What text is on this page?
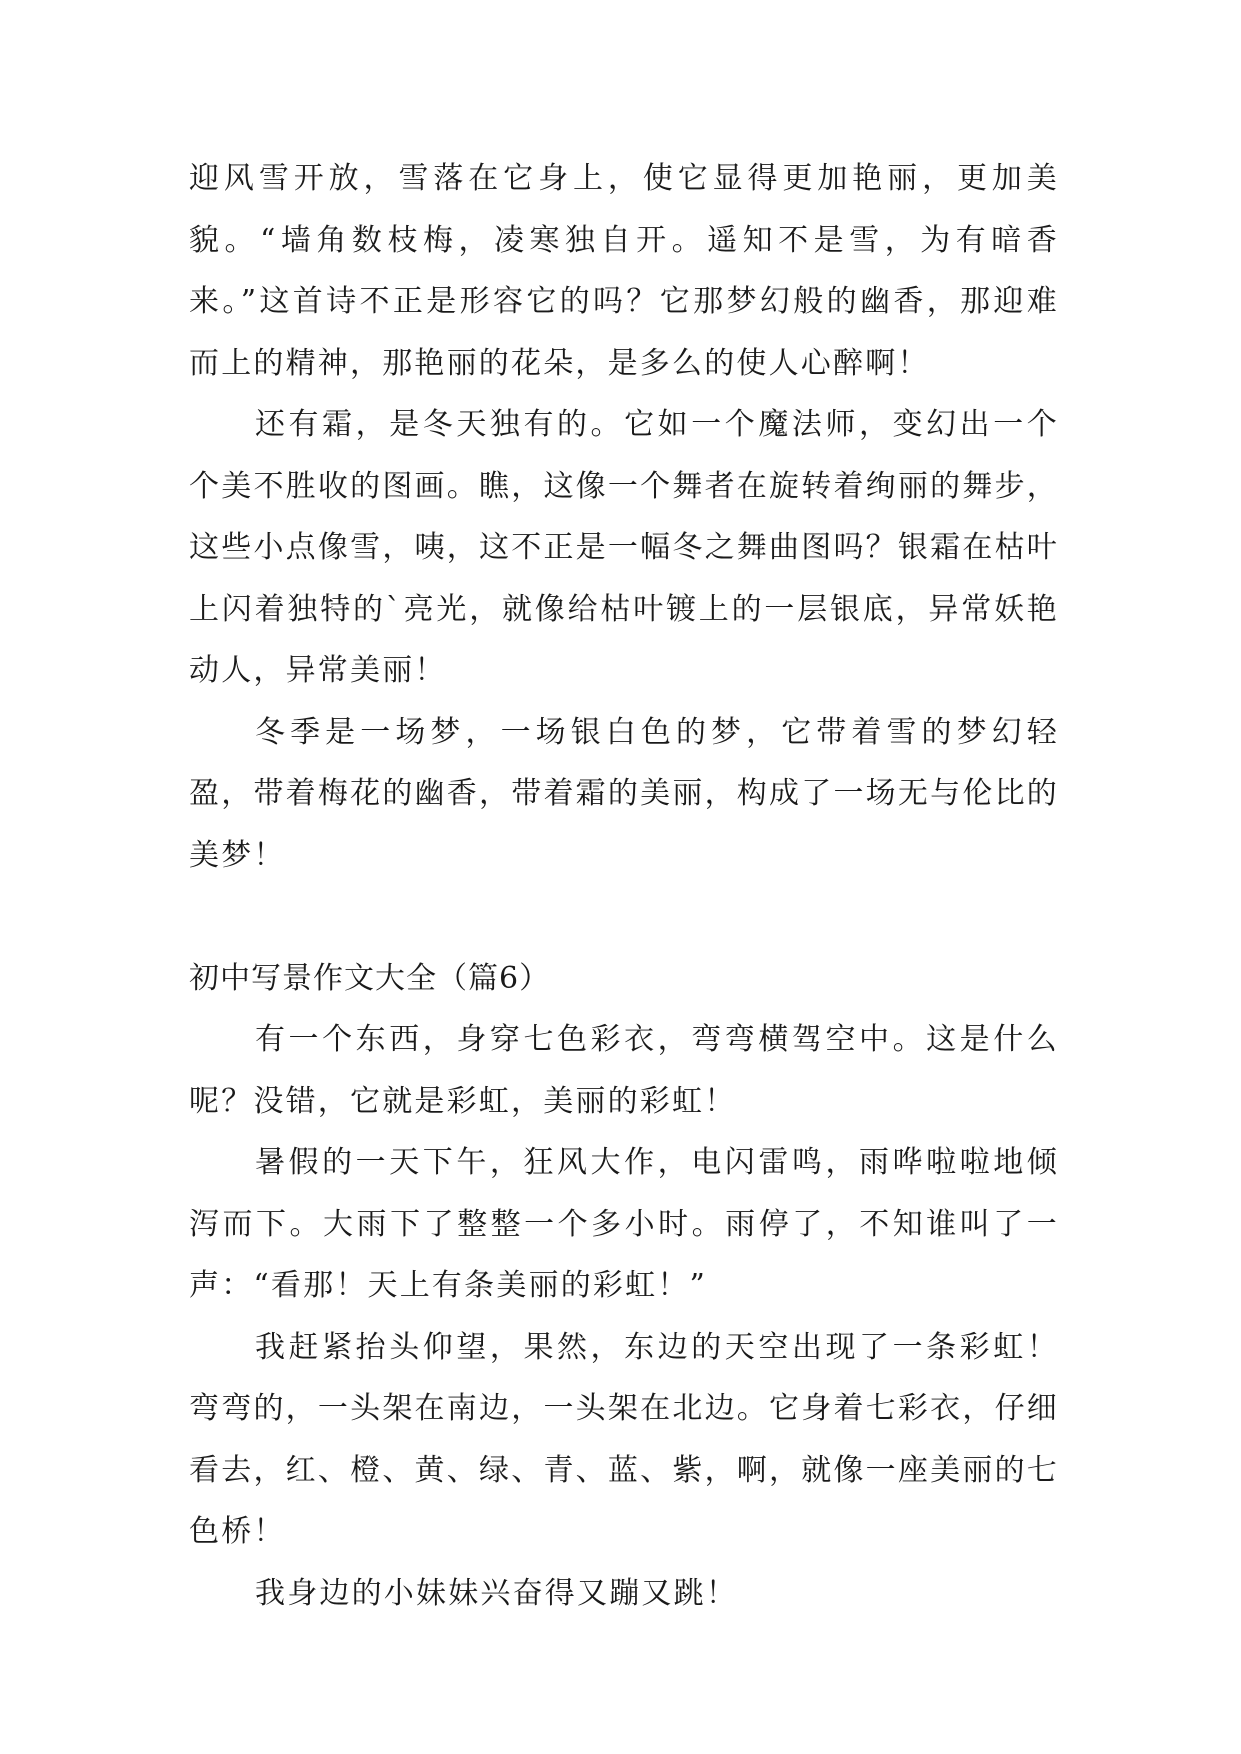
迎风雪开放，雪落在它身上，使它显得更加艳丽，更加美貌。“墙角数枝梅，凌寒独自开。遥知不是雪，为有暗香来。”这首诗不正是形容它的吗？它那梦幻般的幽香，那迎难而上的精神，那艳丽的花朵，是多么的使人心醉啊！

还有霜，是冬天独有的。它如一个魔法师，变幻出一个个美不胜收的图画。瞧，这像一个舞者在旋转着绚丽的舞步，这些小点像雪，咦，这不正是一幅冬之舞曲图吗？银霜在枯叶上闪着独特的`亮光，就像给枯叶镀上的一层银底，异常妖艳动人，异常美丽！

冬季是一场梦，一场银白色的梦，它带着雪的梦幻轻盈，带着梅花的幽香，带着霜的美丽，构成了一场无与伦比的美梦！

初中写景作文大全（篇6）

有一个东西，身穿七色彩衣，弯弯横驾空中。这是什么呢？没错，它就是彩虹，美丽的彩虹！

暑假的一天下午，狂风大作，电闪雷鸣，雨哗啦啦地倾泻而下。大雨下了整整一个多小时。雨停了，不知谁叫了一声：“看那！天上有条美丽的彩虹！”

我赶紧抬头仰望，果然，东边的天空出现了一条彩虹！弯弯的，一头架在南边，一头架在北边。它身着七彩衣，仔细看去，红、橙、黄、绿、青、蓝、紫，啊，就像一座美丽的七色桥！

我身边的小妹妹兴奋得又蹦又跳！
